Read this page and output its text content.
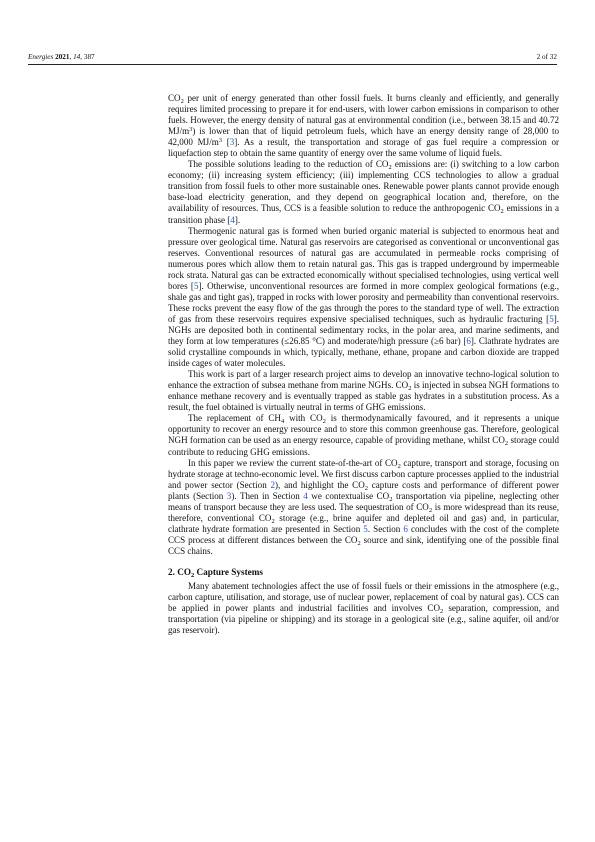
Energies 2021, 14, 387	2 of 32

$CO_2$ per unit of energy generated than other fossil fuels. It burns cleanly and efficiently, and generally requires limited processing to prepare it for end-users, with lower carbon emissions in comparison to other fuels. However, the energy density of natural gas at environmental condition (i.e., between 38.15 and 40.72 $MJ/m^3$) is lower than that of liquid petroleum fuels, which have an energy density range of 28,000 to 42,000 $MJ/m^3$ [3]. As a result, the transportation and storage of gas fuel require a compression or liquefaction step to obtain the same quantity of energy over the same volume of liquid fuels.

The possible solutions leading to the reduction of $CO_2$ emissions are: (i) switching to a low carbon economy; (ii) increasing system efficiency; (iii) implementing CCS technologies to allow a gradual transition from fossil fuels to other more sustainable ones. Renewable power plants cannot provide enough base-load electricity generation, and they depend on geographical location and, therefore, on the availability of resources. Thus, CCS is a feasible solution to reduce the anthropogenic $CO_2$ emissions in a transition phase [4].

Thermogenic natural gas is formed when buried organic material is subjected to enormous heat and pressure over geological time. Natural gas reservoirs are categorised as conventional or unconventional gas reserves. Conventional resources of natural gas are accumulated in permeable rocks comprising of numerous pores which allow them to retain natural gas. This gas is trapped underground by impermeable rock strata. Natural gas can be extracted economically without specialised technologies, using vertical well bores [5]. Otherwise, unconventional resources are formed in more complex geological formations (e.g., shale gas and tight gas), trapped in rocks with lower porosity and permeability than conventional reservoirs. These rocks prevent the easy flow of the gas through the pores to the standard type of well. The extraction of gas from these reservoirs requires expensive specialised techniques, such as hydraulic fracturing [5]. NGHs are deposited both in continental sedimentary rocks, in the polar area, and marine sediments, and they form at low temperatures (≤26.85 °C) and moderate/high pressure (≥6 bar) [6]. Clathrate hydrates are solid crystalline compounds in which, typically, methane, ethane, propane and carbon dioxide are trapped inside cages of water molecules.

This work is part of a larger research project aims to develop an innovative techno-logical solution to enhance the extraction of subsea methane from marine NGHs. $CO_2$ is injected in subsea NGH formations to enhance methane recovery and is eventually trapped as stable gas hydrates in a substitution process. As a result, the fuel obtained is virtually neutral in terms of GHG emissions.

The replacement of $CH_4$ with $CO_2$ is thermodynamically favoured, and it represents a unique opportunity to recover an energy resource and to store this common greenhouse gas. Therefore, geological NGH formation can be used as an energy resource, capable of providing methane, whilst $CO_2$ storage could contribute to reducing GHG emissions.

In this paper we review the current state-of-the-art of $CO_2$ capture, transport and storage, focusing on hydrate storage at techno-economic level. We first discuss carbon capture processes applied to the industrial and power sector (Section 2), and highlight the $CO_2$ capture costs and performance of different power plants (Section 3). Then in Section 4 we contextualise $CO_2$ transportation via pipeline, neglecting other means of transport because they are less used. The sequestration of $CO_2$ is more widespread than its reuse, therefore, conventional $CO_2$ storage (e.g., brine aquifer and depleted oil and gas) and, in particular, clathrate hydrate formation are presented in Section 5. Section 6 concludes with the cost of the complete CCS process at different distances between the $CO_2$ source and sink, identifying one of the possible final CCS chains.

2. $CO_2$ Capture Systems

Many abatement technologies affect the use of fossil fuels or their emissions in the atmosphere (e.g., carbon capture, utilisation, and storage, use of nuclear power, replacement of coal by natural gas). CCS can be applied in power plants and industrial facilities and involves $CO_2$ separation, compression, and transportation (via pipeline or shipping) and its storage in a geological site (e.g., saline aquifer, oil and/or gas reservoir).
